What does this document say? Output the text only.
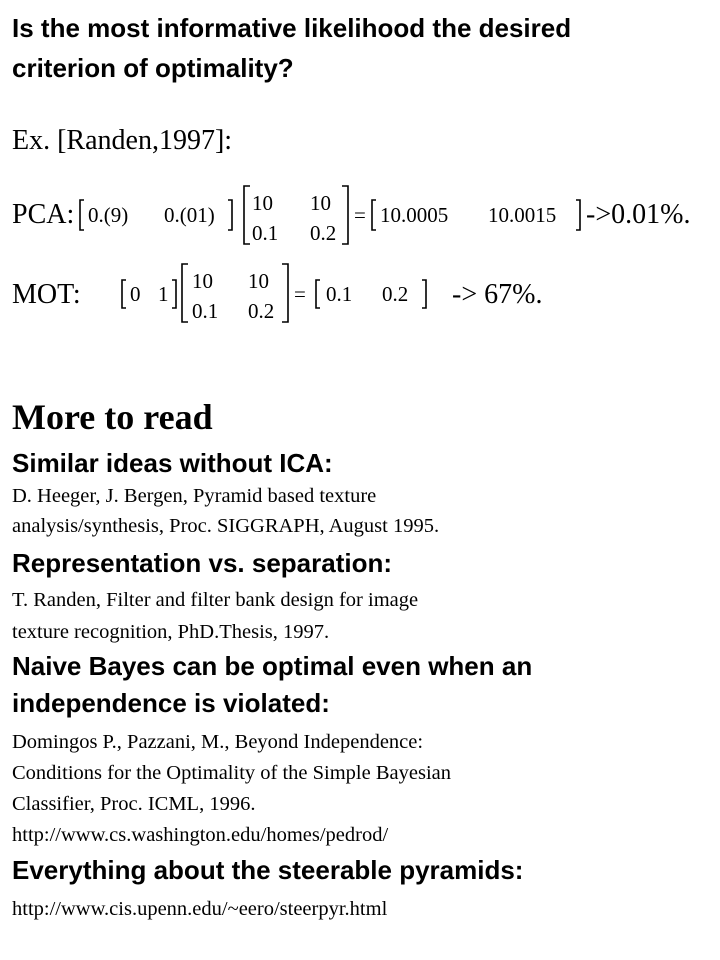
Is the most informative likelihood the desired
criterion of optimality?
Ex. [Randen,1997]:
PCA: 0.(9) 0.(01) 10 10
0.1 0.2
= 10.0005 10.0015 ->0.01%.
MOT: 0 1
10 10
0.1 0.2
= 0.1 0.2 -> 67%.
More to read
Similar ideas without ICA:
D. Heeger, J. Bergen, Pyramid based texture
analysis/synthesis, Proc. SIGGRAPH, August 1995.
Representation vs. separation:
T. Randen, Filter and filter bank design for image
texture recognition, PhD.Thesis, 1997.
Naive Bayes can be optimal even when an
independence is violated:
Domingos P., Pazzani, M., Beyond Independence:
Conditions for the Optimality of the Simple Bayesian
Classifier, Proc. ICML, 1996.
http://www.cs.washington.edu/homes/pedrod/
Everything about the steerable pyramids:
http://www.cis.upenn.edu/~eero/steerpyr.html
